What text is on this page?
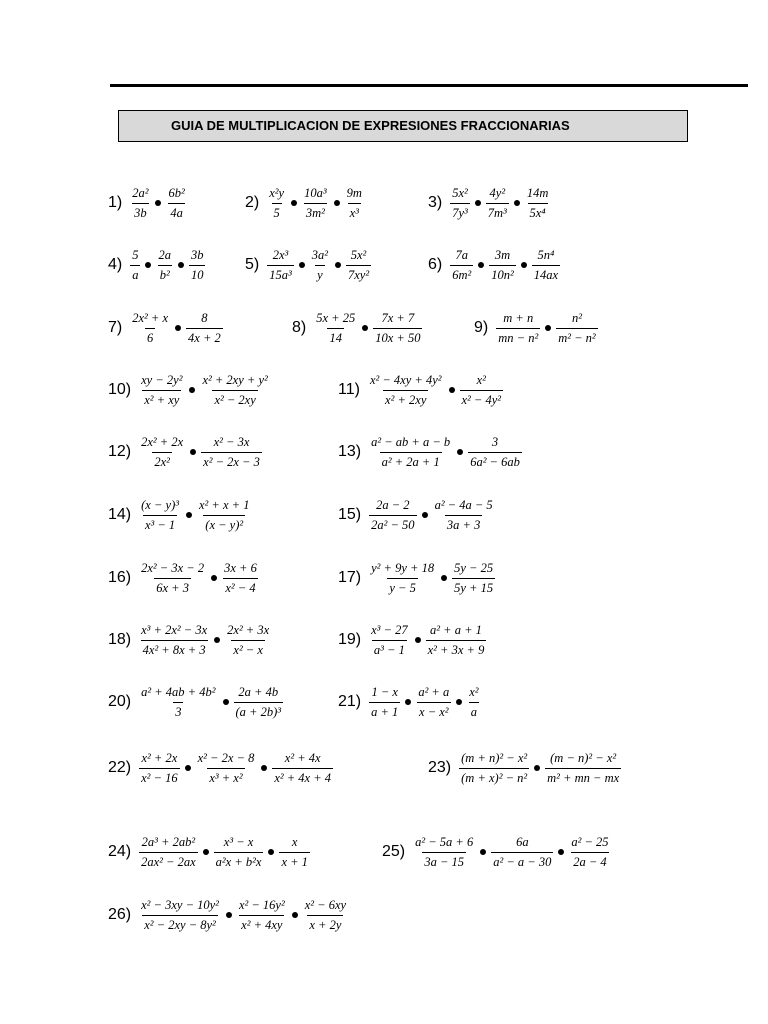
GUIA DE MULTIPLICACION DE EXPRESIONES FRACCIONARIAS
$1) \frac{\text{2a²}}{3b} \frac{\text{6b²}}{4a}$	$2) \frac{\text{x²y}}{5} \frac{\text{10a³}}{\text{3m²}} \frac{9m}{\text{x³}}$	$3) \frac{\text{5x²}}{\text{7y³}} \frac{\text{4y²}}{\text{7m³}} \frac{14m}{\text{5x⁴}}$
$4) \frac{5}{a} \frac{2a}{\text{b²}} \frac{3b}{10} 5) \frac{\text{2x³}}{\text{15a³}} \frac{\text{3a²}}{y} \frac{\text{5x²}}{\text{7xy²}}$	$6) \frac{7a}{\text{6m²}} \frac{3m}{\text{10n²}} \frac{\text{5n⁴}}{14ax}$
$7) \frac{\text{2x² + x}}{6} \frac{8}{4x + 2}$	$8) \frac{5x + 25}{14} \frac{7x + 7}{10x + 50}$	$9) \frac{m + n}{\text{mn − n²}} \frac{\text{n²}}{\text{m² − n²}}$
$10) \frac{\text{xy − 2y²}}{\text{x² + xy}} \frac{\text{x² + 2xy + y²}}{\text{x² − 2xy}}$	$11) \frac{\text{x² − 4xy + 4y²}}{\text{x² + 2xy}} \frac{\text{x²}}{\text{x² − 4y²}}$
$12) \frac{\text{2x² + 2x}}{\text{2x²}} \frac{\text{x² − 3x}}{\text{x² − 2x − 3}}$	$13) \frac{\text{a² − ab + a − b}}{\text{a² + 2a + 1}} \frac{3}{\text{6a² − 6ab}}$
$14) \frac{\text{(x − y)³}}{\text{x³ − 1}} \frac{\text{x² + x + 1}}{\text{(x − y)²}}$	$15) \frac{2a - 2}{\text{2a² − 50}} \frac{\text{a² − 4a − 5}}{3a + 3}$
$16) \frac{\text{2x² − 3x − 2}}{6x + 3} \frac{3x + 6}{\text{x² − 4}}$	$17) \frac{\text{y² + 9y + 18}}{y - 5} \frac{5y - 25}{5y + 15}$
$18) \frac{\text{x³ + 2x² − 3x}}{\text{4x² + 8x + 3}} \frac{\text{2x² + 3x}}{\text{x² − x}}$	$19) \frac{\text{x³ − 27}}{\text{a³ − 1}} \frac{\text{a² + a + 1}}{\text{x² + 3x + 9}}$
$20) \frac{\text{a² + 4ab + 4b²}}{3} \frac{2a + 4b}{\text{(a + 2b)³}}$	$21) \frac{1 - x}{a + 1} \frac{\text{a² + a}}{\text{x − x²}} \frac{\text{x²}}{a}$
$22) \frac{\text{x² + 2x}}{\text{x² − 16}} \frac{\text{x² − 2x − 8}}{\text{x³ + x²}} \frac{\text{x² + 4x}}{\text{x² + 4x + 4}}$	$23) \frac{\text{(m + n)² − x²}}{\text{(m + x)² − n²}} \frac{\text{(m − n)² − x²}}{\text{m² + mn − mx}}$
$24) \frac{\text{2a³ + 2ab²}}{\text{2ax² − 2ax}} \frac{\text{x³ − x}}{\text{a²x + b²x}} \frac{x}{x + 1}$	$25) \frac{\text{a² − 5a + 6}}{3a - 15} \frac{6a}{\text{a² − a − 30}} \frac{\text{a² − 25}}{2a - 4}$
$26) \frac{\text{x² − 3xy − 10y²}}{\text{x² − 2xy − 8y²}} \frac{\text{x² − 16y²}}{\text{x² + 4xy}} \frac{\text{x² − 6xy}}{x + 2y}$
